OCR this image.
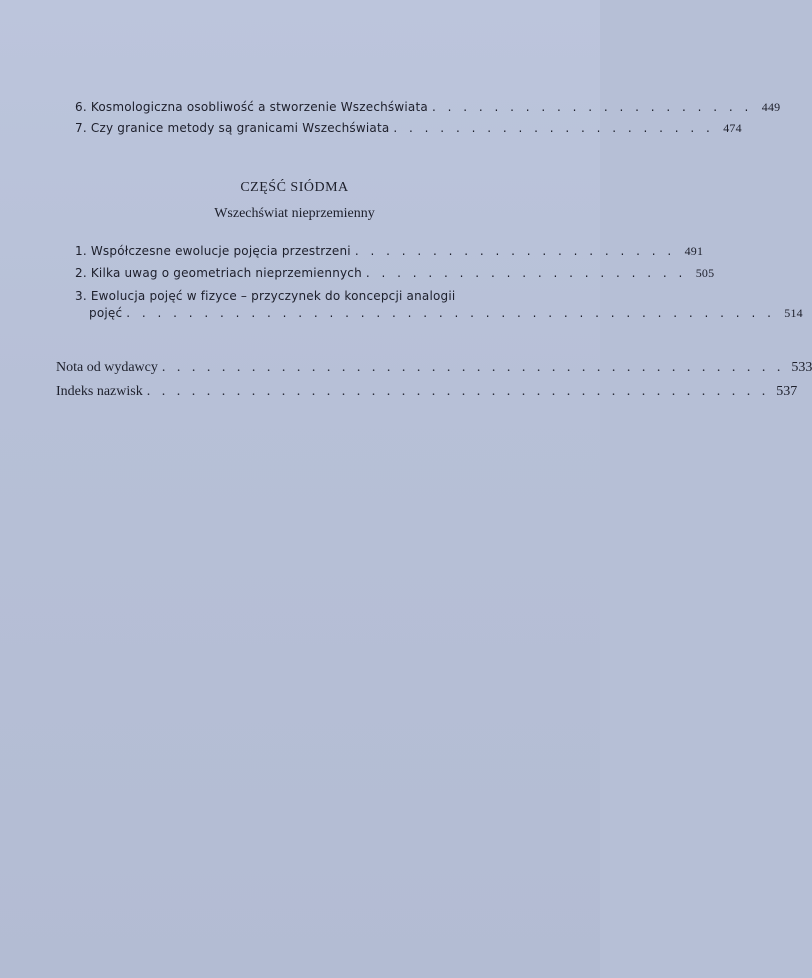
6. Kosmologiczna osobliwość a stworzenie Wszechświata . . . . . . . . . . . . . . . . . . . . . 449
7. Czy granice metody są granicami Wszechświata . . . . . . . . . . . . . . . . . . . . . 474
CZĘŚĆ SIÓDMA
Wszechświat nieprzemienny
1. Współczesne ewolucje pojęcia przestrzeni . . . . . . . . . . . . . . . . . . . . . 491
2. Kilka uwag o geometriach nieprzemiennych . . . . . . . . . . . . . . . . . . . . . 505
3. Ewolucja pojęć w fizyce – przyczynek do koncepcji analogii
pojęć . . . . . . . . . . . . . . . . . . . . . . . . . . . . . . . . . . . . . . . . . . 514
Nota od wydawcy . . . . . . . . . . . . . . . . . . . . . . . . . . . . . . . . . . . . . . . . . . 533
Indeks nazwisk . . . . . . . . . . . . . . . . . . . . . . . . . . . . . . . . . . . . . . . . . . 537
